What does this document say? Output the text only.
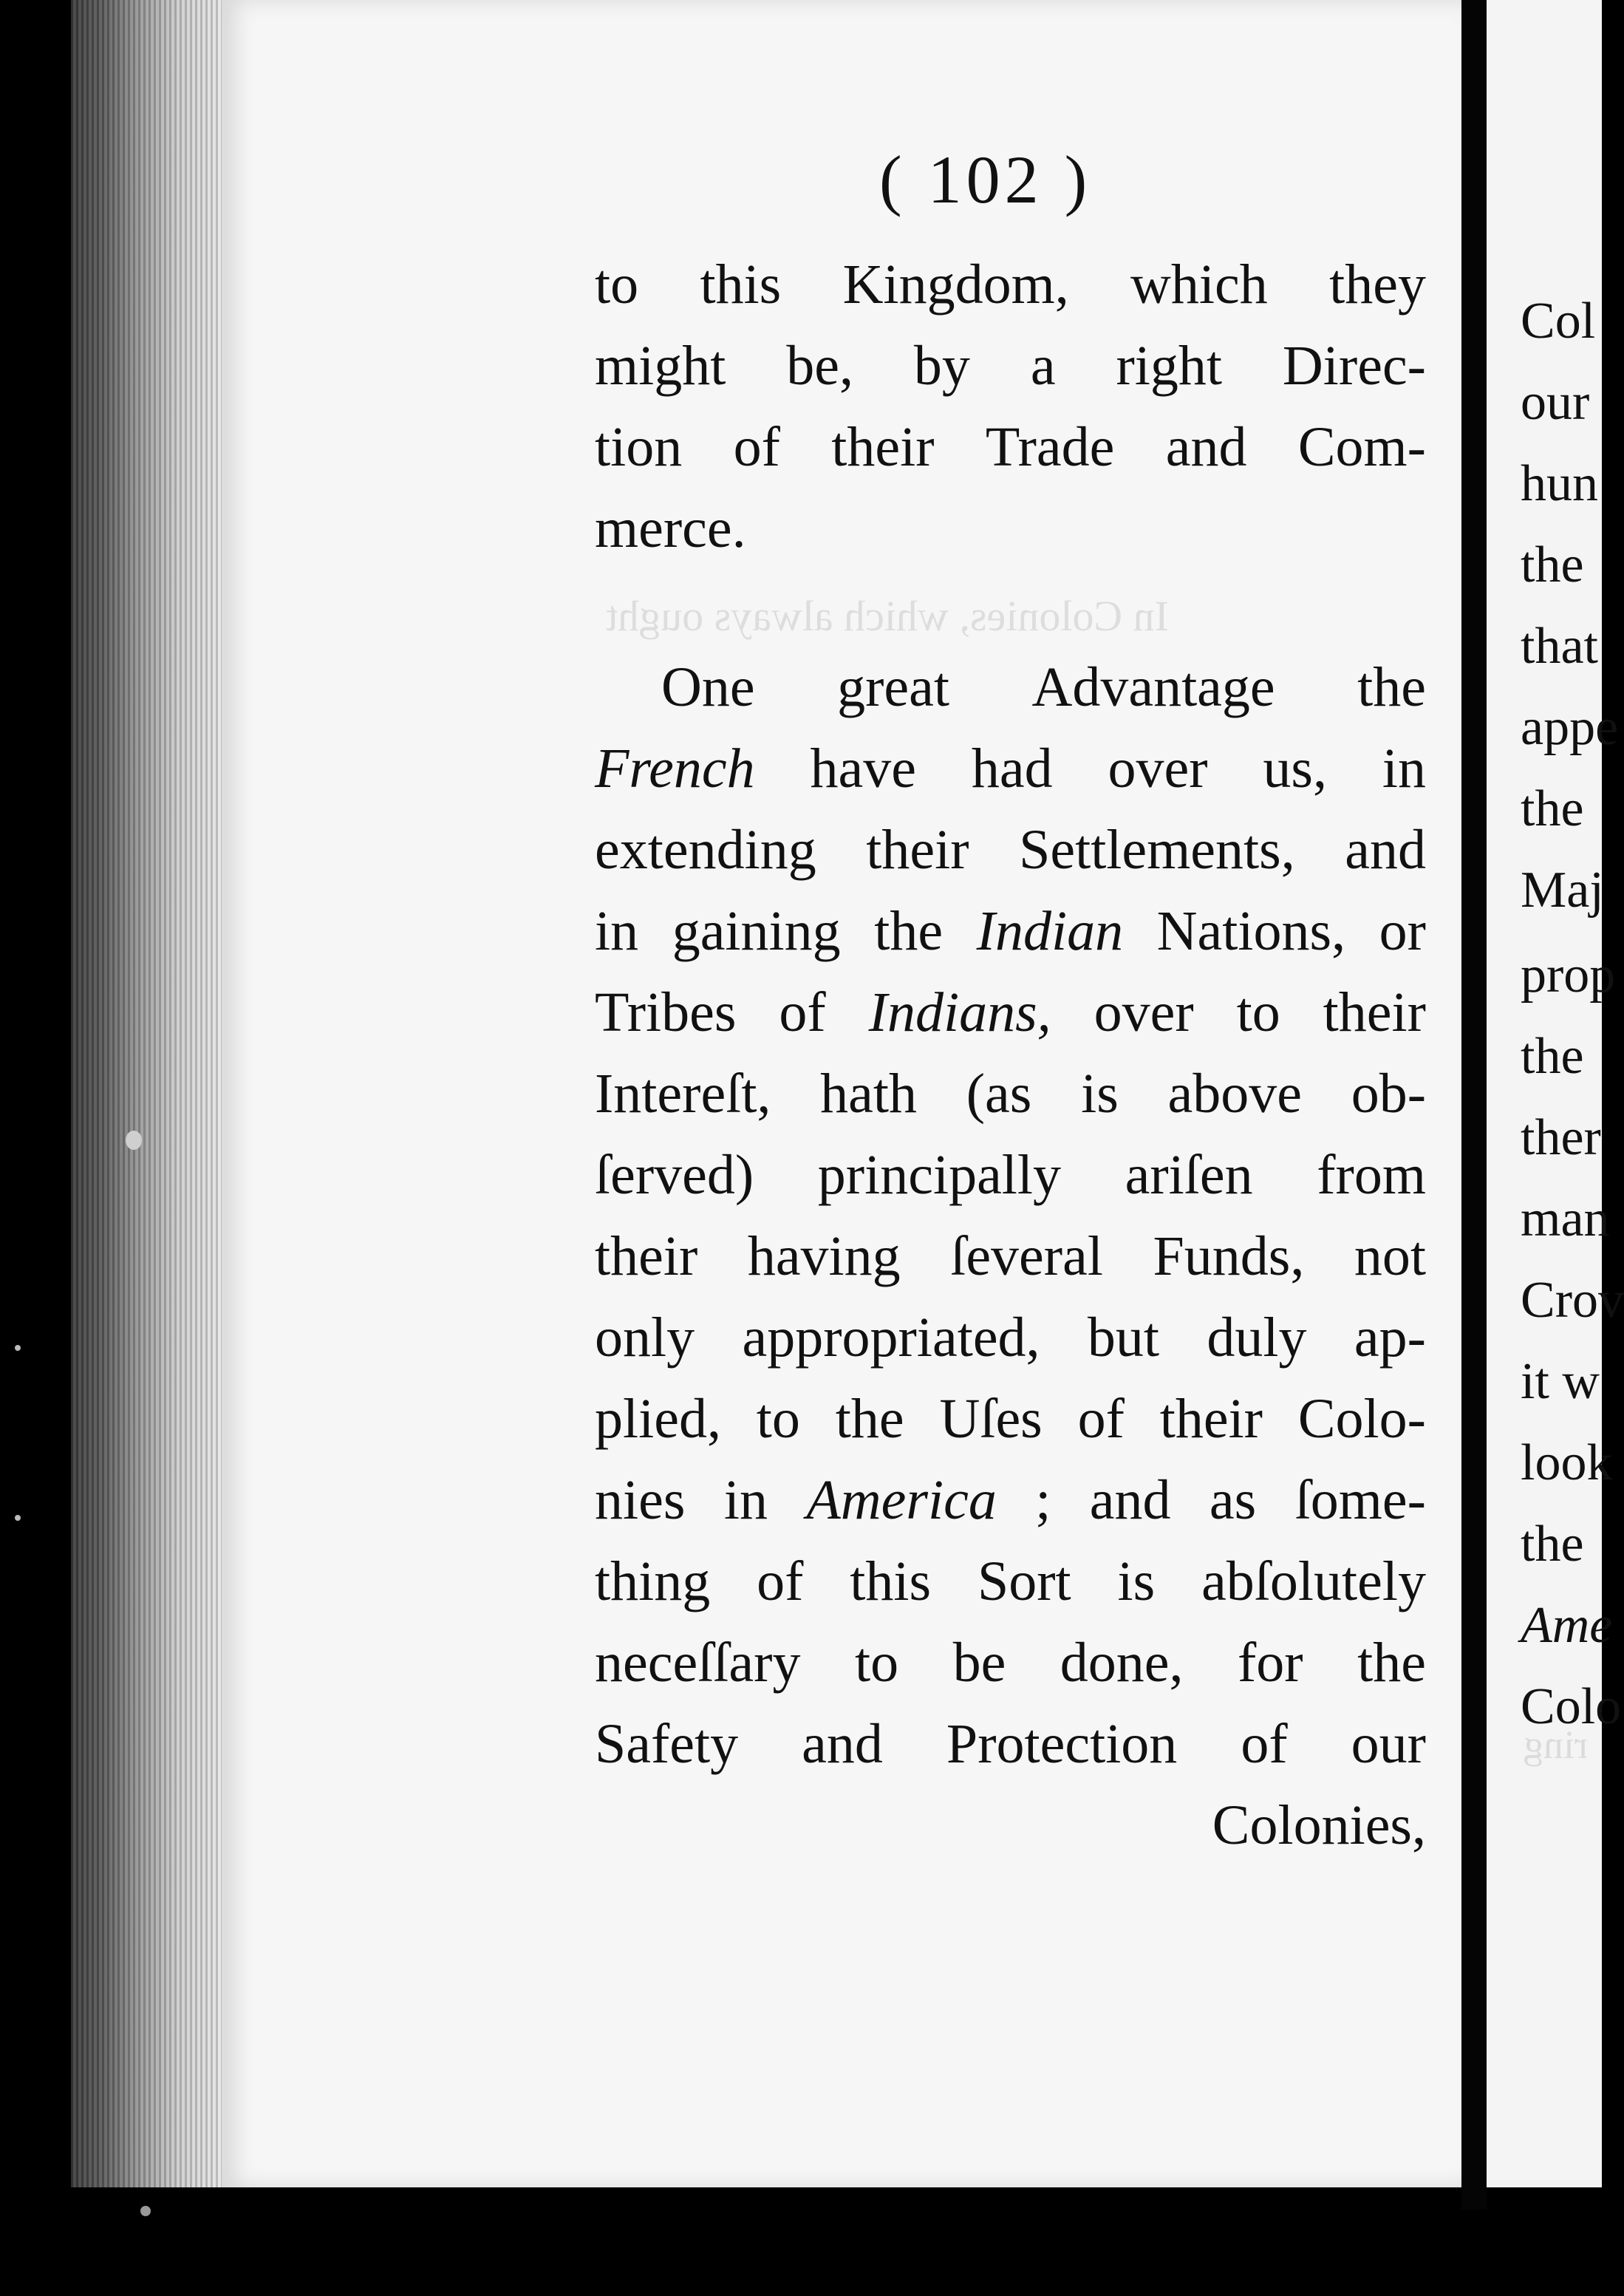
In Colonies, which always ought
co
ring
( 102 )
to this Kingdom, which they
might be, by a right Direc-
tion of their Trade and Com-
merce.
One great Advantage the
French have had over us, in
extending their Settlements, and
in gaining the Indian Nations, or
Tribes of Indians, over to their
Intereſt, hath (as is above ob-
ſerved) principally ariſen from
their having ſeveral Funds, not
only appropriated, but duly ap-
plied, to the Uſes of their Colo-
nies in America ; and as ſome-
thing of this Sort is abſolutely
neceſſary to be done, for the
Safety and Protection of our
Colonies,
Col
our
hun
the
that
appe
the
Maj
prop
the
ther
man
Crov
it w
look
the
Ame
Colo
